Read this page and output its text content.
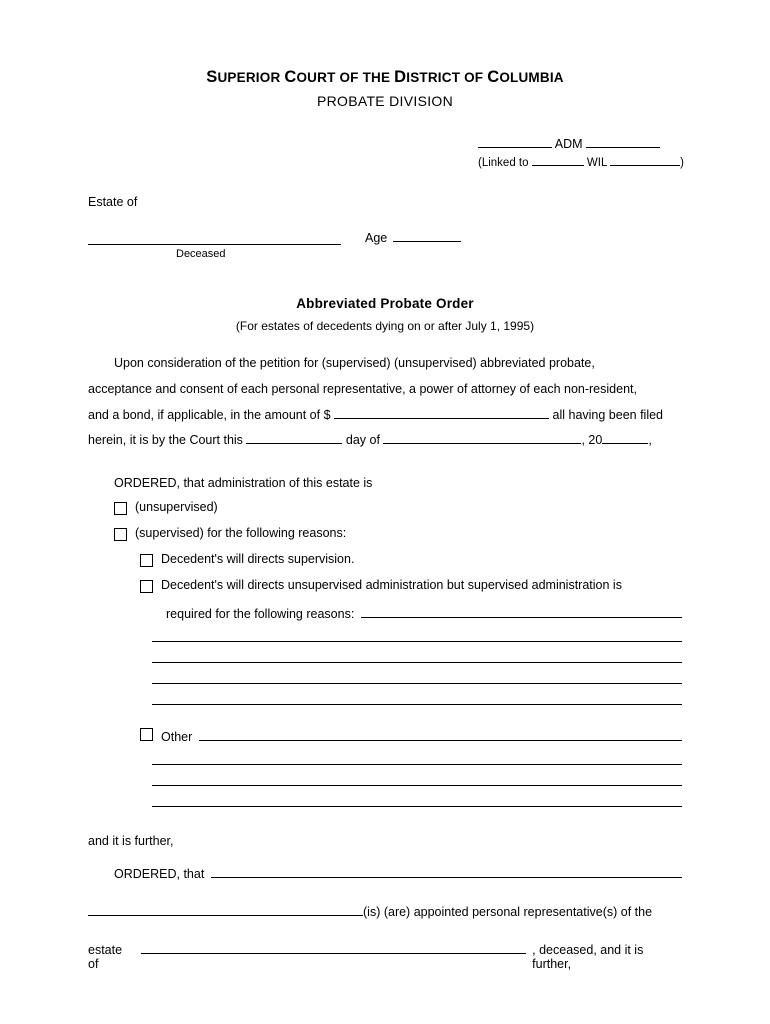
SUPERIOR COURT OF THE DISTRICT OF COLUMBIA
PROBATE DIVISION
ADM
(Linked to	WIL	)
Estate of
Age
Deceased
Abbreviated Probate Order
(For estates of decedents dying on or after July 1, 1995)
Upon consideration of the petition for (supervised) (unsupervised) abbreviated probate,
acceptance and consent of each personal representative, a power of attorney of each non-resident,
and a bond, if applicable, in the amount of $	all having been filed
herein, it is by the Court this	day of	, 20	,
ORDERED, that administration of this estate is
(unsupervised)
(supervised) for the following reasons:
Decedent's will directs supervision.
Decedent's will directs unsupervised administration but supervised administration is
required for the following reasons:
Other
and it is further,
ORDERED, that
(is) (are) appointed personal representative(s) of the
estate of
, deceased, and it is further,
